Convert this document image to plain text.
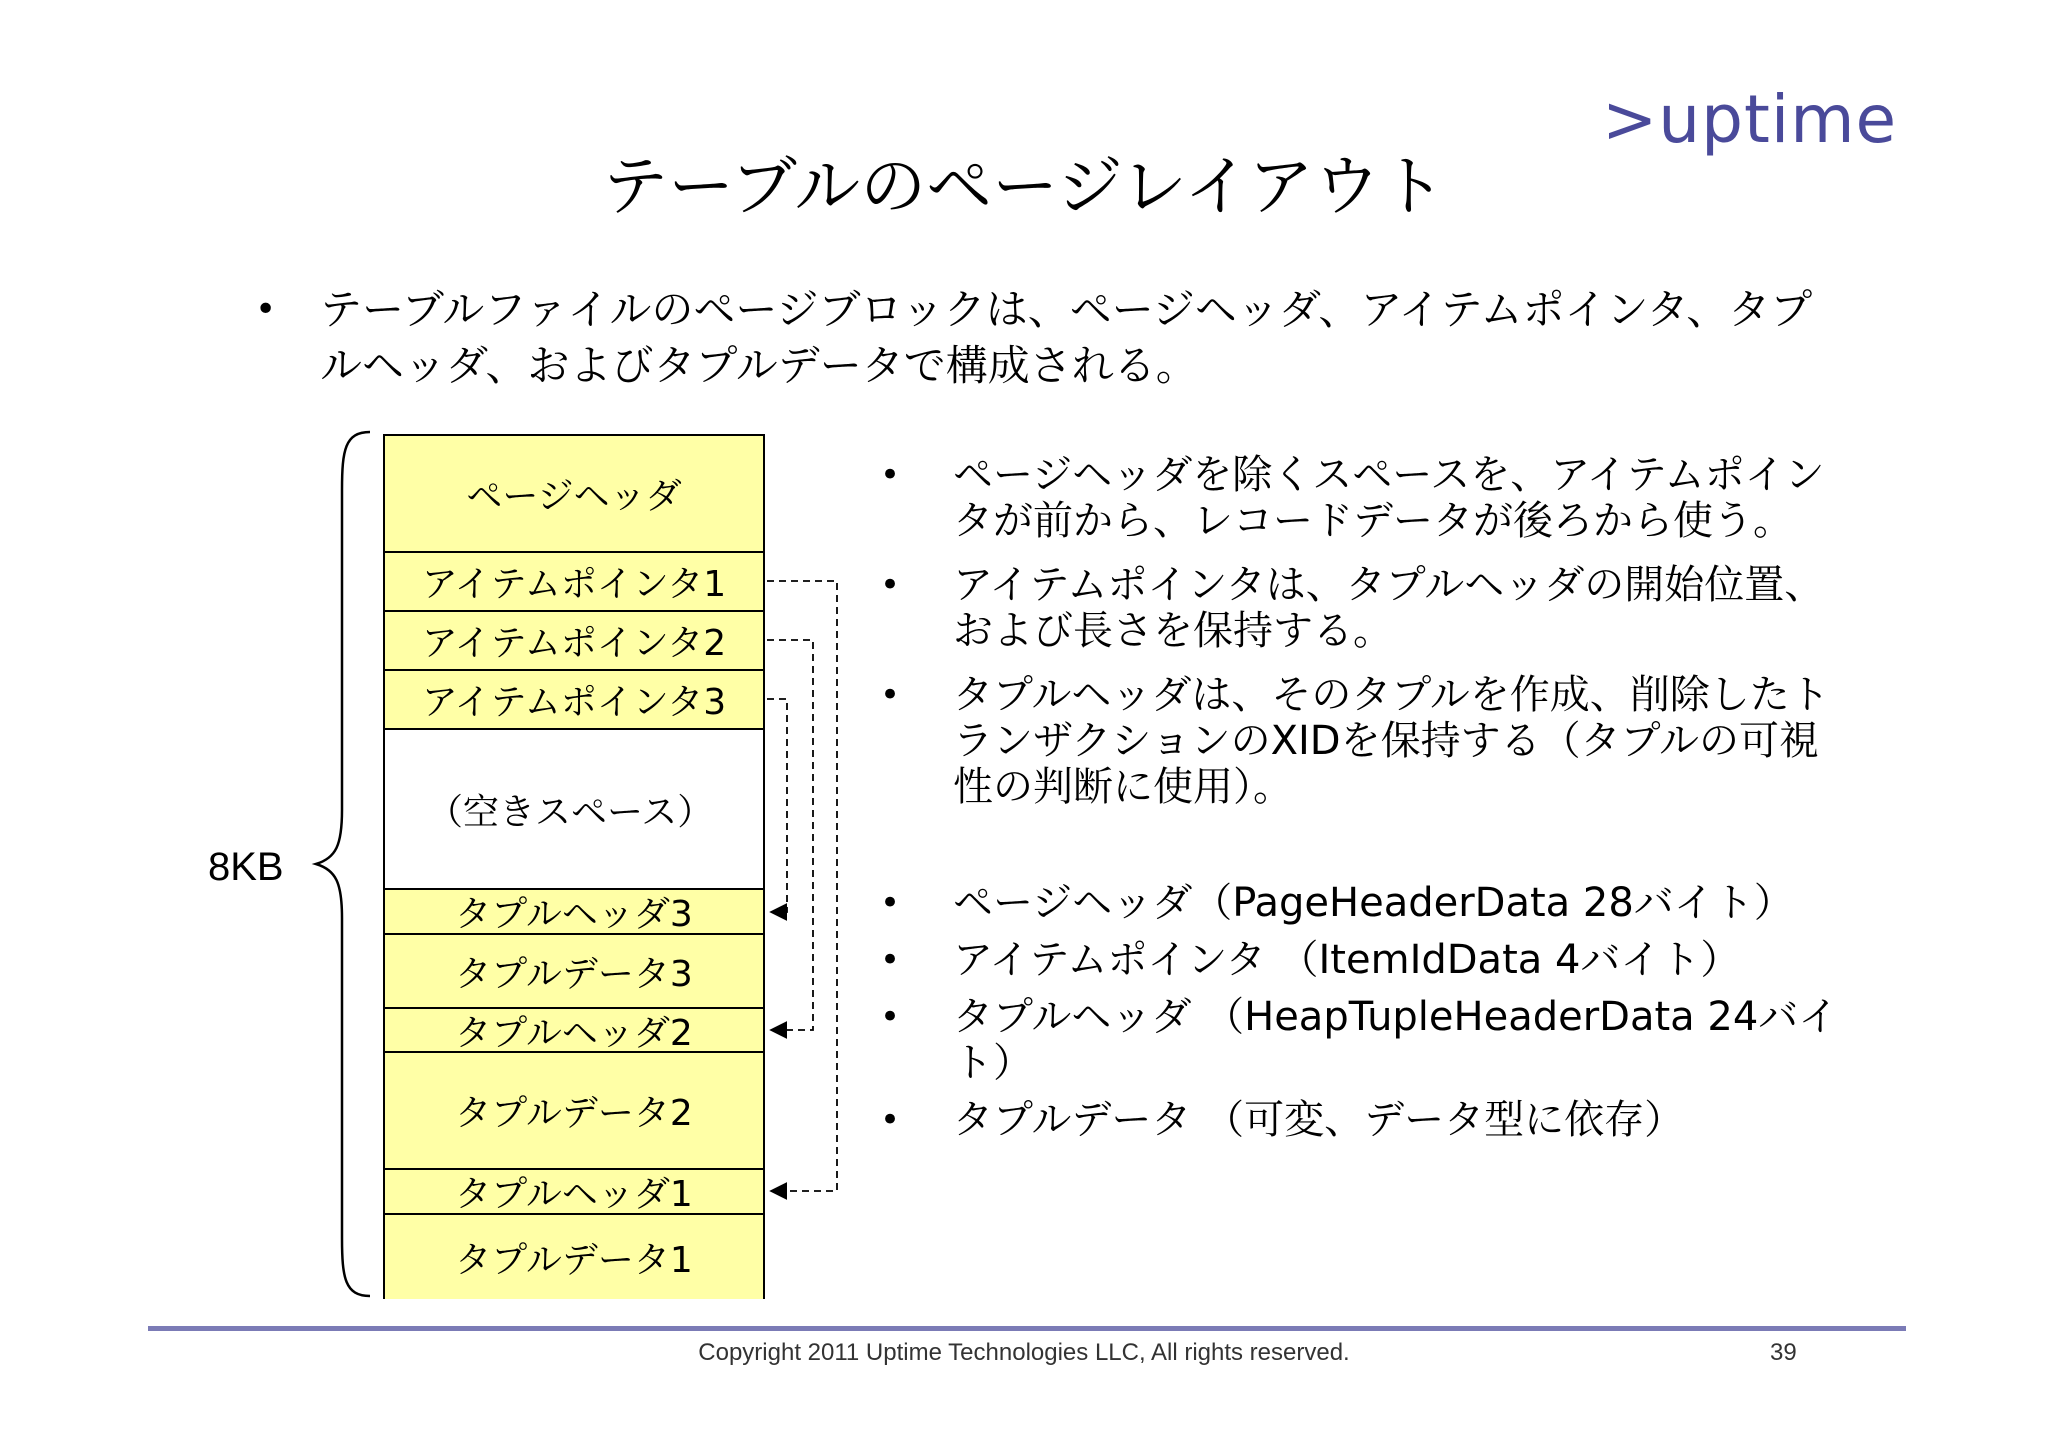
>uptime
テーブルのページレイアウト
• テーブルファイルのページブロックは、ページヘッダ、アイテムポインタ、タプルヘッダ、およびタプルデータで構成される。
8KB
ページヘッダ
アイテムポインタ1
アイテムポインタ2
アイテムポインタ3
（空きスペース）
タプルヘッダ3
タプルデータ3
タプルヘッダ2
タプルデータ2
タプルヘッダ1
タプルデータ1
• ページヘッダを除くスペースを、アイテムポインタが前から、レコードデータが後ろから使う。
• アイテムポインタは、タプルヘッダの開始位置、および長さを保持する。
• タプルヘッダは、そのタプルを作成、削除したトランザクションのXIDを保持する（タプルの可視性の判断に使用）。
• ページヘッダ（PageHeaderData 28バイト）
• アイテムポインタ （ItemIdData 4バイト）
• タプルヘッダ （HeapTupleHeaderData 24バイト）
• タプルデータ （可変、データ型に依存）
Copyright 2011 Uptime Technologies LLC, All rights reserved.	39
